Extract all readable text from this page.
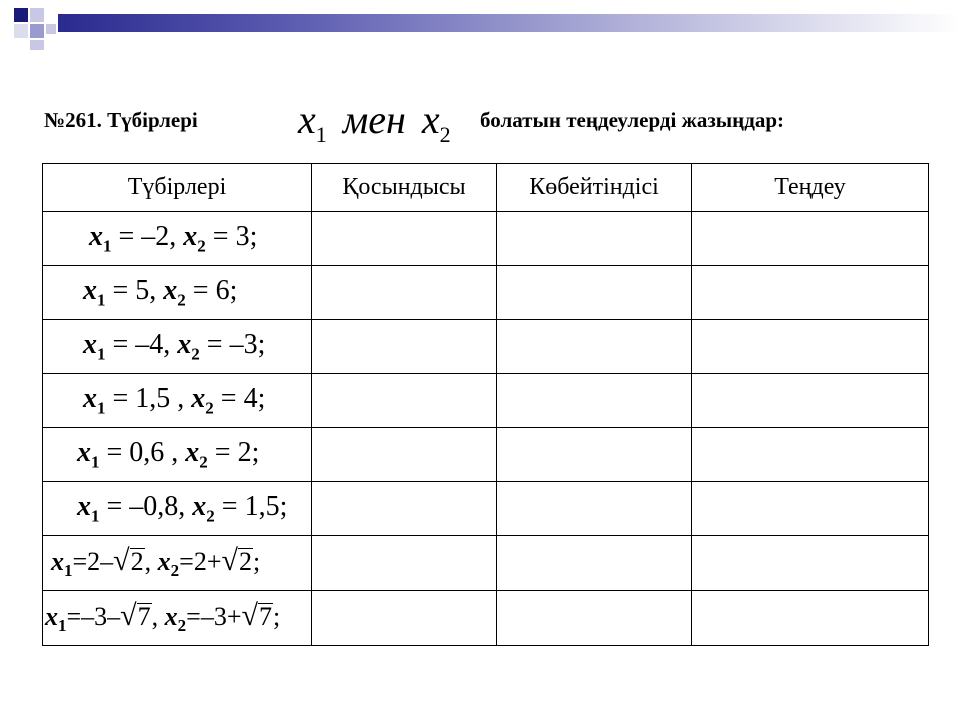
№261. Түбірлері	$x_1$ мен $x_2$
болатын теңдеулерді жазыңдар:
Түбірлері	Қосындысы	Көбейтіндісі	Теңдеу
$x_1 = -2$, $x_2 = 3$;			
$x_1 = 5$, $x_2 = 6$;			
$x_1 = -4$, $x_2 = -3$;			
$x_1 = 1,5$ , $x_2 = 4$;			
$x_1 = 0,6$ , $x_2 = 2$;			
$x_1 = -0,8$, $x_2 = 1,5$;			
$x_1=2-√2$, $x_2=2+√2$;			
$x_1=-3-√7$, $x_2=-3+√7$;			
